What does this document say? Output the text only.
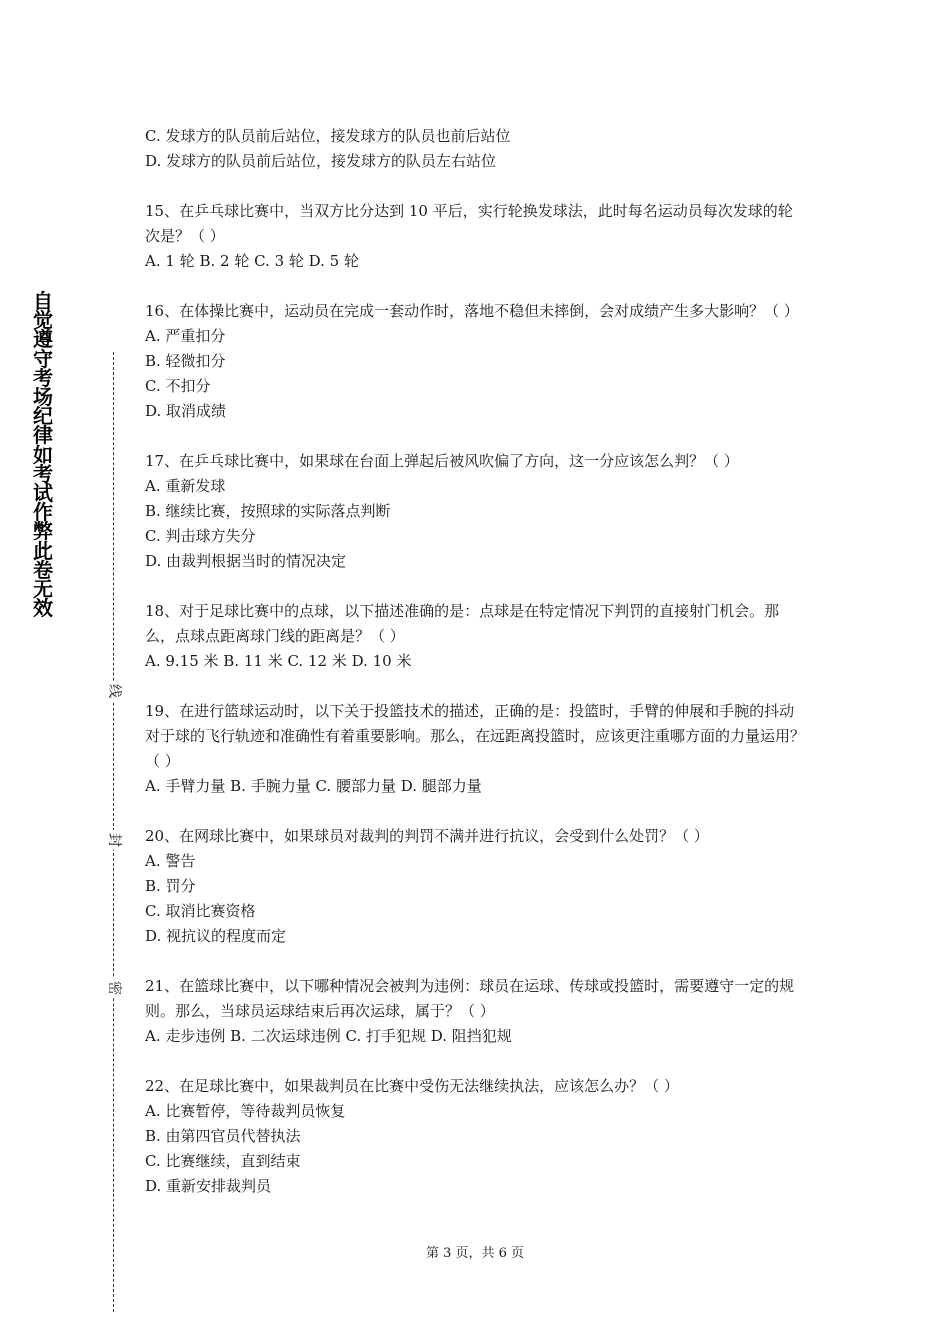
自觉遵守考场纪律如考试作弊此卷无效
线
封
密

C. 发球方的队员前后站位，接发球方的队员也前后站位

D. 发球方的队员前后站位，接发球方的队员左右站位

15、在乒乓球比赛中，当双方比分达到 10 平后，实行轮换发球法，此时每名运动员每次发球的轮次是？（ ）

A. 1 轮 B. 2 轮 C. 3 轮 D. 5 轮

16、在体操比赛中，运动员在完成一套动作时，落地不稳但未摔倒，会对成绩产生多大影响？（ ）

A. 严重扣分

B. 轻微扣分

C. 不扣分

D. 取消成绩

17、在乒乓球比赛中，如果球在台面上弹起后被风吹偏了方向，这一分应该怎么判？（ ）

A. 重新发球

B. 继续比赛，按照球的实际落点判断

C. 判击球方失分

D. 由裁判根据当时的情况决定

18、对于足球比赛中的点球，以下描述准确的是：点球是在特定情况下判罚的直接射门机会。那么，点球点距离球门线的距离是？（ ）

A. 9.15 米 B. 11 米 C. 12 米 D. 10 米

19、在进行篮球运动时，以下关于投篮技术的描述，正确的是：投篮时，手臂的伸展和手腕的抖动对于球的飞行轨迹和准确性有着重要影响。那么，在远距离投篮时，应该更注重哪方面的力量运用？（ ）

A. 手臂力量 B. 手腕力量 C. 腰部力量 D. 腿部力量

20、在网球比赛中，如果球员对裁判的判罚不满并进行抗议，会受到什么处罚？（ ）

A. 警告

B. 罚分

C. 取消比赛资格

D. 视抗议的程度而定

21、在篮球比赛中，以下哪种情况会被判为违例：球员在运球、传球或投篮时，需要遵守一定的规则。那么，当球员运球结束后再次运球，属于？（ ）

A. 走步违例 B. 二次运球违例 C. 打手犯规 D. 阻挡犯规

22、在足球比赛中，如果裁判员在比赛中受伤无法继续执法，应该怎么办？（ ）

A. 比赛暂停，等待裁判员恢复

B. 由第四官员代替执法

C. 比赛继续，直到结束

D. 重新安排裁判员

第 3 页，共 6 页
